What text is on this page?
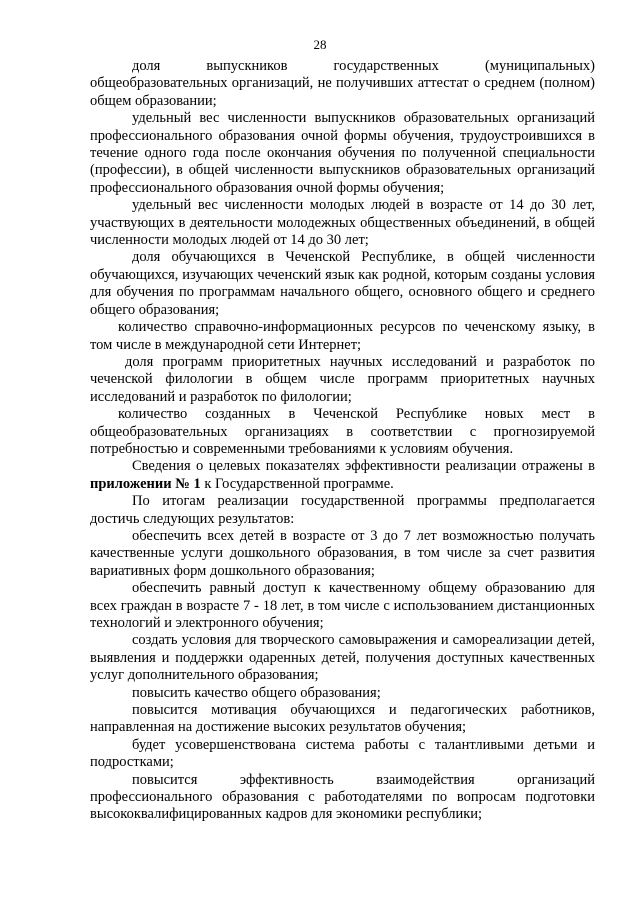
28

доля выпускников государственных (муниципальных) общеобразовательных организаций, не получивших аттестат о среднем (полном) общем образовании;

удельный вес численности выпускников образовательных организаций профессионального образования очной формы обучения, трудоустроившихся в течение одного года после окончания обучения по полученной специальности (профессии), в общей численности выпускников образовательных организаций профессионального образования очной формы обучения;

удельный вес численности молодых людей в возрасте от 14 до 30 лет, участвующих в деятельности молодежных общественных объединений, в общей численности молодых людей от 14 до 30 лет;

доля обучающихся в Чеченской Республике, в общей численности обучающихся, изучающих чеченский язык как родной, которым созданы условия для обучения по программам начального общего, основного общего и среднего общего образования;

количество справочно-информационных ресурсов по чеченскому языку, в том числе в международной сети Интернет;

доля программ приоритетных научных исследований и разработок по чеченской филологии в общем числе программ приоритетных научных исследований и разработок по филологии;

количество созданных в Чеченской Республике новых мест в общеобразовательных организациях в соответствии с прогнозируемой потребностью и современными требованиями к условиям обучения.

Сведения о целевых показателях эффективности реализации отражены в приложении № 1 к Государственной программе.

По итогам реализации государственной программы предполагается достичь следующих результатов:

обеспечить всех детей в возрасте от 3 до 7 лет возможностью получать качественные услуги дошкольного образования, в том числе за счет развития вариативных форм дошкольного образования;

обеспечить равный доступ к качественному общему образованию для всех граждан в возрасте 7 - 18 лет, в том числе с использованием дистанционных технологий и электронного обучения;

создать условия для творческого самовыражения и самореализации детей, выявления и поддержки одаренных детей, получения доступных качественных услуг дополнительного образования;

повысить качество общего образования;

повысится мотивация обучающихся и педагогических работников, направленная на достижение высоких результатов обучения;

будет усовершенствована система работы с талантливыми детьми и подростками;

повысится эффективность взаимодействия организаций профессионального образования с работодателями по вопросам подготовки высококвалифицированных кадров для экономики республики;
